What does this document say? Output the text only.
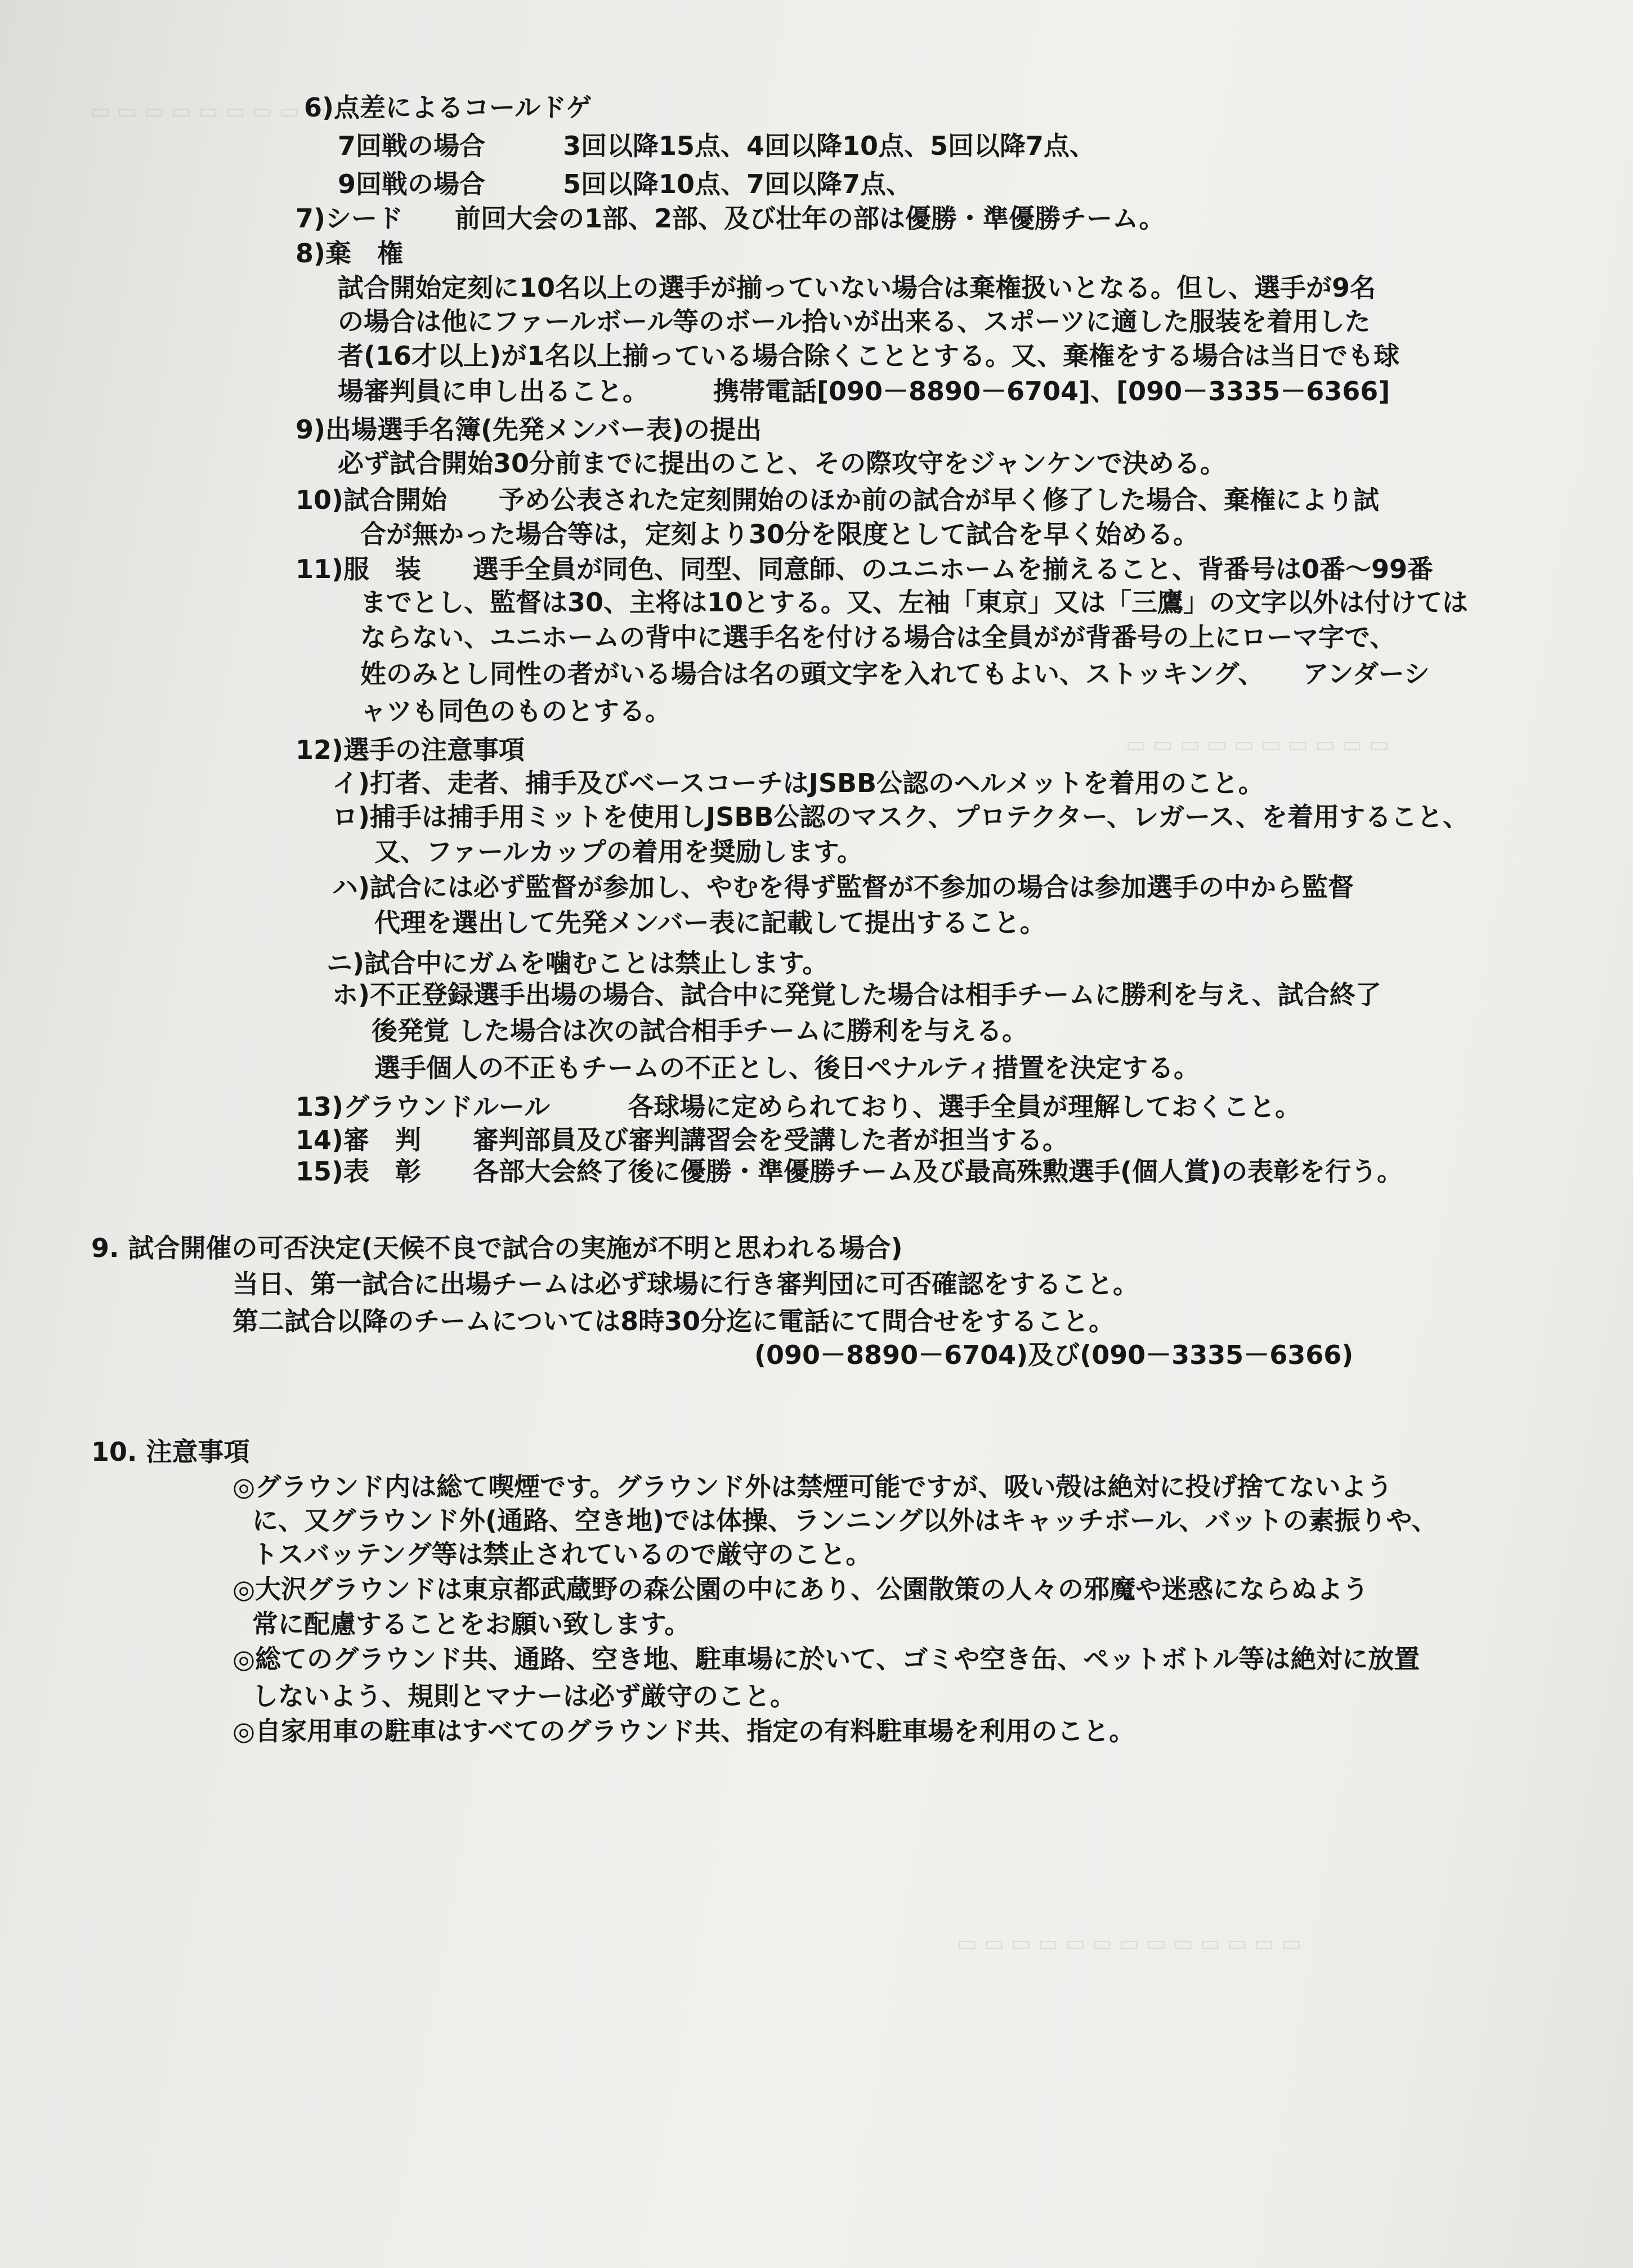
▭ ▭ ▭ ▭ ▭ ▭ ▭ ▭ ▭
▭ ▭ ▭ ▭ ▭ ▭ ▭ ▭ ▭ ▭
▭ ▭ ▭ ▭ ▭ ▭ ▭ ▭ ▭ ▭ ▭ ▭ ▭
6)点差によるコールドゲ
7回戦の場合　　　3回以降15点、4回以降10点、5回以降7点、
9回戦の場合　　　5回以降10点、7回以降7点、
7)シード　　前回大会の1部、2部、及び壮年の部は優勝・準優勝チーム。
8)棄　権
試合開始定刻に10名以上の選手が揃っていない場合は棄権扱いとなる。但し、選手が9名
の場合は他にファールボール等のボール拾いが出来る、スポーツに適した服装を着用した
者(16才以上)が1名以上揃っている場合除くこととする。又、棄権をする場合は当日でも球
場審判員に申し出ること。　　　携帯電話[090－8890－6704]、[090－3335－6366]
9)出場選手名簿(先発メンバー表)の提出
必ず試合開始30分前までに提出のこと、その際攻守をジャンケンで決める。
10)試合開始　　予め公表された定刻開始のほか前の試合が早く修了した場合、棄権により試
合が無かった場合等は，定刻より30分を限度として試合を早く始める。
11)服　装　　選手全員が同色、同型、同意師、のユニホームを揃えること、背番号は0番～99番
までとし、監督は30、主将は10とする。又、左袖「東京」又は「三鷹」の文字以外は付けては
ならない、ユニホームの背中に選手名を付ける場合は全員がが背番号の上にローマ字で、
姓のみとし同性の者がいる場合は名の頭文字を入れてもよい、ストッキング、　　アンダーシ
ャツも同色のものとする。
12)選手の注意事項
イ)打者、走者、捕手及びベースコーチはJSBB公認のヘルメットを着用のこと。
ロ)捕手は捕手用ミットを使用しJSBB公認のマスク、プロテクター、レガース、を着用すること、
又、ファールカップの着用を奨励します。
ハ)試合には必ず監督が参加し、やむを得ず監督が不参加の場合は参加選手の中から監督
代理を選出して先発メンバー表に記載して提出すること。
ニ)試合中にガムを噛むことは禁止します。
ホ)不正登録選手出場の場合、試合中に発覚した場合は相手チームに勝利を与え、試合終了
後発覚 した場合は次の試合相手チームに勝利を与える。
選手個人の不正もチームの不正とし、後日ペナルティ措置を決定する。
13)グラウンドルール　　　各球場に定められており、選手全員が理解しておくこと。
14)審　判　　審判部員及び審判講習会を受講した者が担当する。
15)表　彰　　各部大会終了後に優勝・準優勝チーム及び最高殊勲選手(個人賞)の表彰を行う。
9. 試合開催の可否決定(天候不良で試合の実施が不明と思われる場合)
当日、第一試合に出場チームは必ず球場に行き審判団に可否確認をすること。
第二試合以降のチームについては8時30分迄に電話にて問合せをすること。
(090－8890－6704)及び(090－3335－6366)
10. 注意事項
◎グラウンド内は総て喫煙です。グラウンド外は禁煙可能ですが、吸い殻は絶対に投げ捨てないよう
に、又グラウンド外(通路、空き地)では体操、ランニング以外はキャッチボール、バットの素振りや、
トスバッテング等は禁止されているので厳守のこと。
◎大沢グラウンドは東京都武蔵野の森公園の中にあり、公園散策の人々の邪魔や迷惑にならぬよう
常に配慮することをお願い致します。
◎総てのグラウンド共、通路、空き地、駐車場に於いて、ゴミや空き缶、ペットボトル等は絶対に放置
しないよう、規則とマナーは必ず厳守のこと。
◎自家用車の駐車はすべてのグラウンド共、指定の有料駐車場を利用のこと。
